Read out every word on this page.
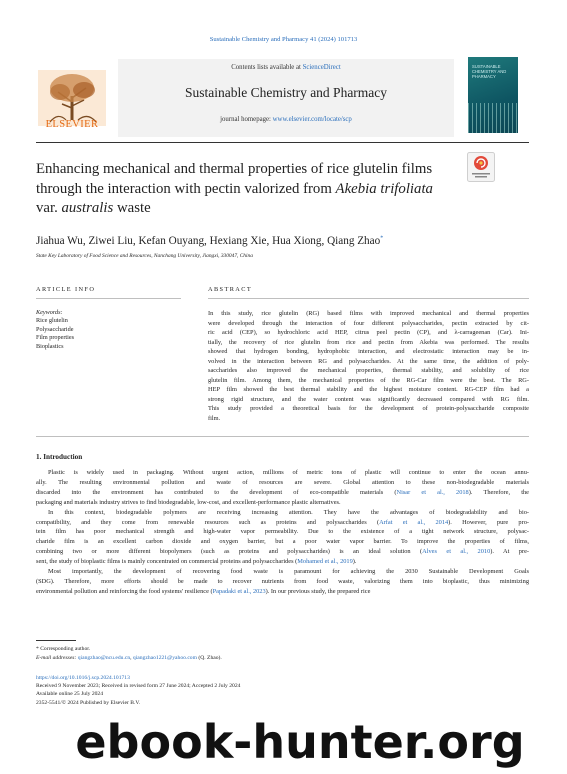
Sustainable Chemistry and Pharmacy 41 (2024) 101713
ELSEVIER
Contents lists available at ScienceDirect
Sustainable Chemistry and Pharmacy
journal homepage: www.elsevier.com/locate/scp
SUSTAINABLE CHEMISTRY AND PHARMACY
Enhancing mechanical and thermal properties of rice glutelin films
through the interaction with pectin valorized from Akebia trifoliata
var. australis waste
Jiahua Wu, Ziwei Liu, Kefan Ouyang, Hexiang Xie, Hua Xiong, Qiang Zhao*
State Key Laboratory of Food Science and Resources, Nanchang University, Jiangxi, 330047, China
ARTICLE INFO	ABSTRACT
Keywords:
Rice glutelin
Polysaccharide
Film properties
Bioplastics
In this study, rice glutelin (RG) based films with improved mechanical and thermal properties
were developed through the interaction of four different polysaccharides, pectin extracted by cit-
ric acid (CEP), so hydrochloric acid HEP, citrus peel pectin (CP), and λ-carrageenan (Car). Ini-
tially, the recovery of rice glutelin from rice and pectin from Akebia was performed. The results
showed that hydrogen bonding, hydrophobic interaction, and electrostatic interaction may be in-
volved in the interaction between RG and polysaccharides. At the same time, the addition of poly-
saccharides also improved the mechanical properties, thermal stability, and solubility of rice
glutelin film. Among them, the mechanical properties of the RG-Car film were the best. The RG-
HEP film showed the best thermal stability and the highest moisture content. RG-CEP film had a
strong rigid structure, and the water content was significantly decreased compared with RG film.
This study provided a theoretical basis for the development of protein-polysaccharide composite
film.
1. Introduction
Plastic is widely used in packaging. Without urgent action, millions of metric tons of plastic will continue to enter the ocean annu-
ally. The resulting environmental pollution and waste of resources are severe. Global attention to these non-biodegradable materials
discarded into the environment has contributed to the development of eco-compatible materials (Nisar et al., 2018). Therefore, the
packaging and materials industry strives to find biodegradable, low-cost, and excellent-performance plastic alternatives.
In this context, biodegradable polymers are receiving increasing attention. They have the advantages of biodegradability and bio-
compatibility, and they come from renewable resources such as proteins and polysaccharides (Arfat et al., 2014). However, pure pro-
tein film has poor mechanical strength and high-water vapor permeability. Due to the existence of a tight network structure, polysac-
charide film is an excellent carbon dioxide and oxygen barrier, but a poor water vapor barrier. To improve the properties of films,
combining two or more different biopolymers (such as proteins and polysaccharides) is an ideal solution (Alves et al., 2010). At pre-
sent, the study of bioplastic films is mainly concentrated on commercial proteins and polysaccharides (Mohamed et al., 2019).
Most importantly, the development of recovering food waste is paramount for achieving the 2030 Sustainable Development Goals
(SDG). Therefore, more efforts should be made to recover nutrients from food waste, valorizing them into bioplastic, thus minimizing
environmental pollution and reinforcing the food systems' resilience (Papadaki et al., 2023). In our previous study, the prepared rice
* Corresponding author.
E-mail addresses: qiangzhao@ncu.edu.cn, qiangzhao1221@yahoo.com (Q. Zhao).
https://doi.org/10.1016/j.scp.2024.101713
Received 9 November 2023; Received in revised form 27 June 2024; Accepted 2 July 2024
Available online 25 July 2024
2352-5541/© 2024 Published by Elsevier B.V.
ebook-hunter.org
